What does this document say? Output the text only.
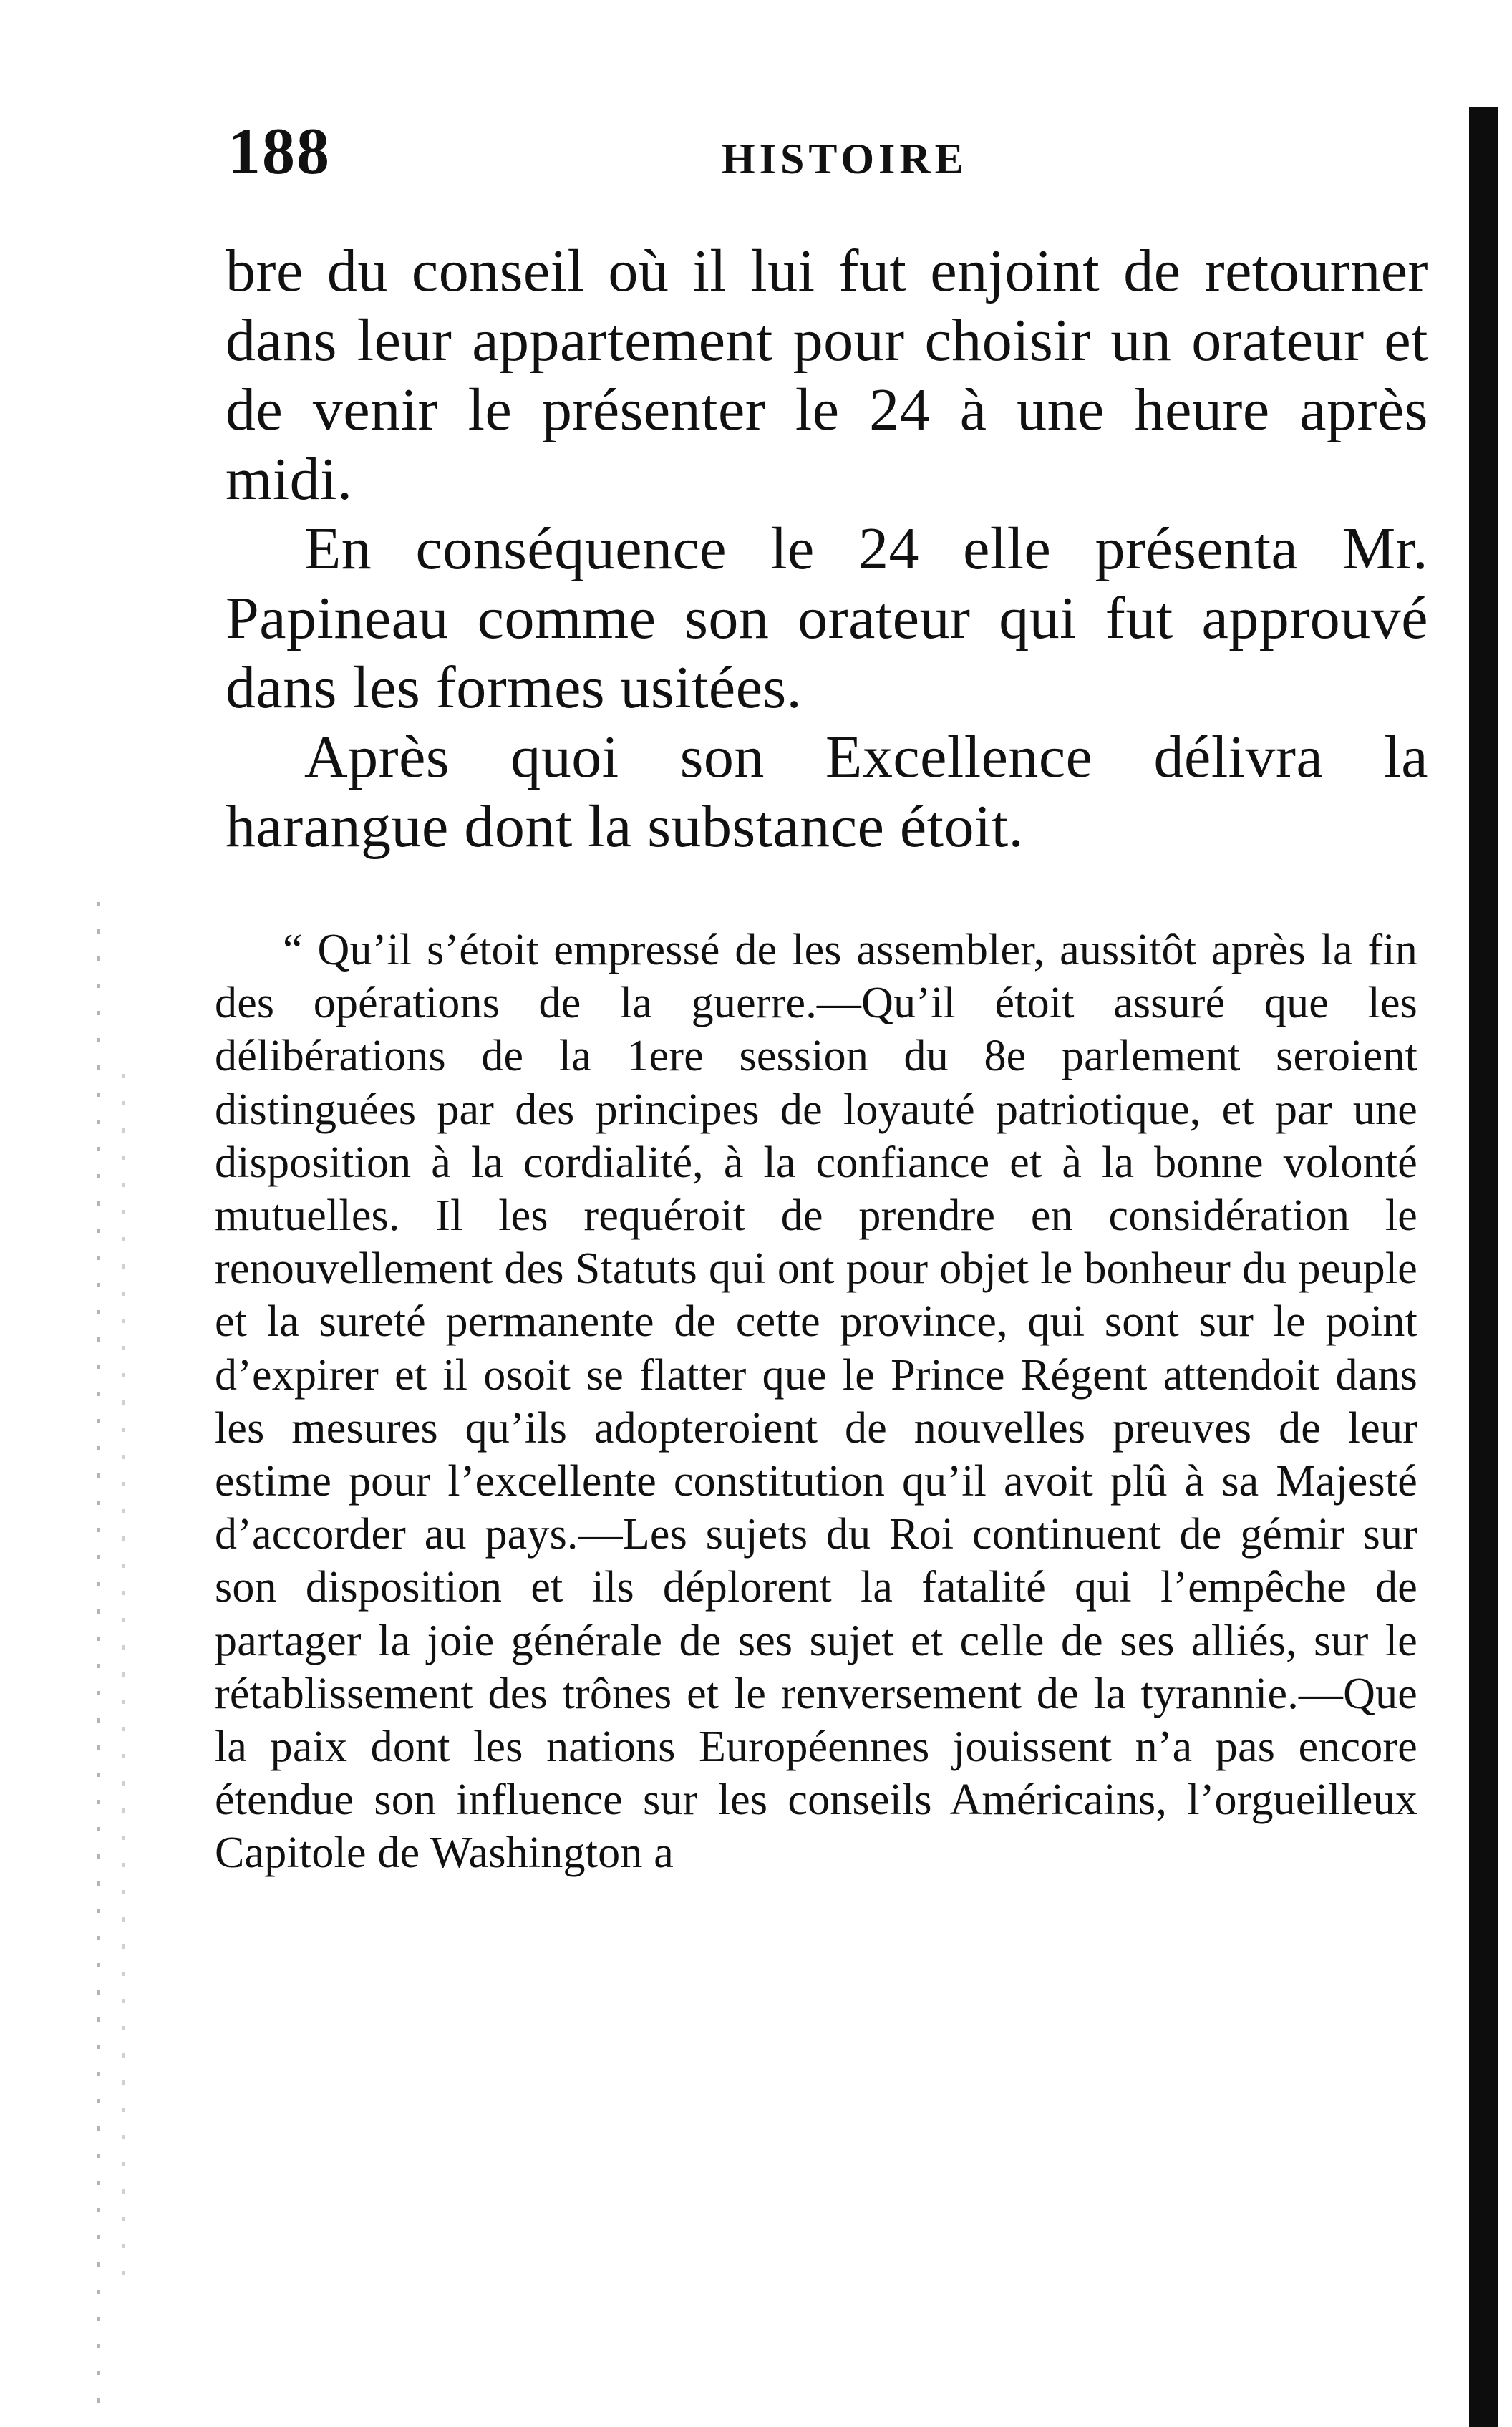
188	HISTOIRE

bre du conseil où il lui fut enjoint de retourner dans leur appartement pour choisir un orateur et de venir le présenter le 24 à une heure après midi.

En conséquence le 24 elle présenta Mr. Papineau comme son orateur qui fut approuvé dans les formes usitées.

Après quoi son Excellence délivra la harangue dont la substance étoit.

“ Qu’il s’étoit empressé de les assembler, aussitôt après la fin des opérations de la guerre.—Qu’il étoit assuré que les délibérations de la 1ere session du 8e parlement seroient distinguées par des principes de loyauté patriotique, et par une disposition à la cordialité, à la confiance et à la bonne volonté mutuelles. Il les requéroit de prendre en considération le renouvellement des Statuts qui ont pour objet le bonheur du peuple et la sureté permanente de cette province, qui sont sur le point d’expirer et il osoit se flatter que le Prince Régent attendoit dans les mesures qu’ils adopteroient de nouvelles preuves de leur estime pour l’excellente constitution qu’il avoit plû à sa Majesté d’accorder au pays.—Les sujets du Roi continuent de gémir sur son disposition et ils déplorent la fatalité qui l’empêche de partager la joie générale de ses sujet et celle de ses alliés, sur le rétablissement des trônes et le renversement de la tyrannie.—Que la paix dont les nations Européennes jouissent n’a pas encore étendue son influence sur les conseils Américains, l’orgueilleux Capitole de Washington a
